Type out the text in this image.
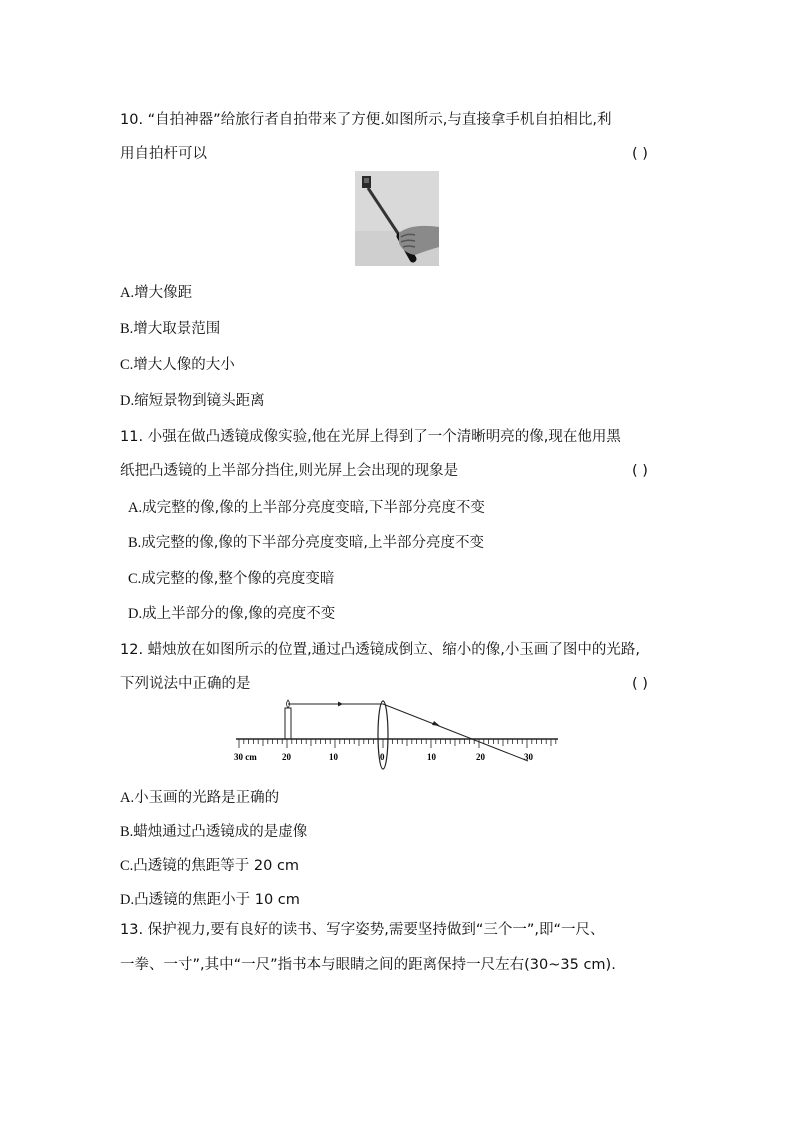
10. “自拍神器”给旅行者自拍带来了方便.如图所示,与直接拿手机自拍相比,利
用自拍杆可以	( )
A.增大像距
B.增大取景范围
C.增大人像的大小
D.缩短景物到镜头距离
11. 小强在做凸透镜成像实验,他在光屏上得到了一个清晰明亮的像,现在他用黑
纸把凸透镜的上半部分挡住,则光屏上会出现的现象是	( )
A.成完整的像,像的上半部分亮度变暗,下半部分亮度不变
B.成完整的像,像的下半部分亮度变暗,上半部分亮度不变
C.成完整的像,整个像的亮度变暗
D.成上半部分的像,像的亮度不变
12. 蜡烛放在如图所示的位置,通过凸透镜成倒立、缩小的像,小玉画了图中的光路,
下列说法中正确的是	( )
30 cm	20	10	0	10	20	30
A.小玉画的光路是正确的
B.蜡烛通过凸透镜成的是虚像
C.凸透镜的焦距等于 20 cm
D.凸透镜的焦距小于 10 cm
13. 保护视力,要有良好的读书、写字姿势,需要坚持做到“三个一”,即“一尺、
一拳、一寸”,其中“一尺”指书本与眼睛之间的距离保持一尺左右(30~35 cm).
